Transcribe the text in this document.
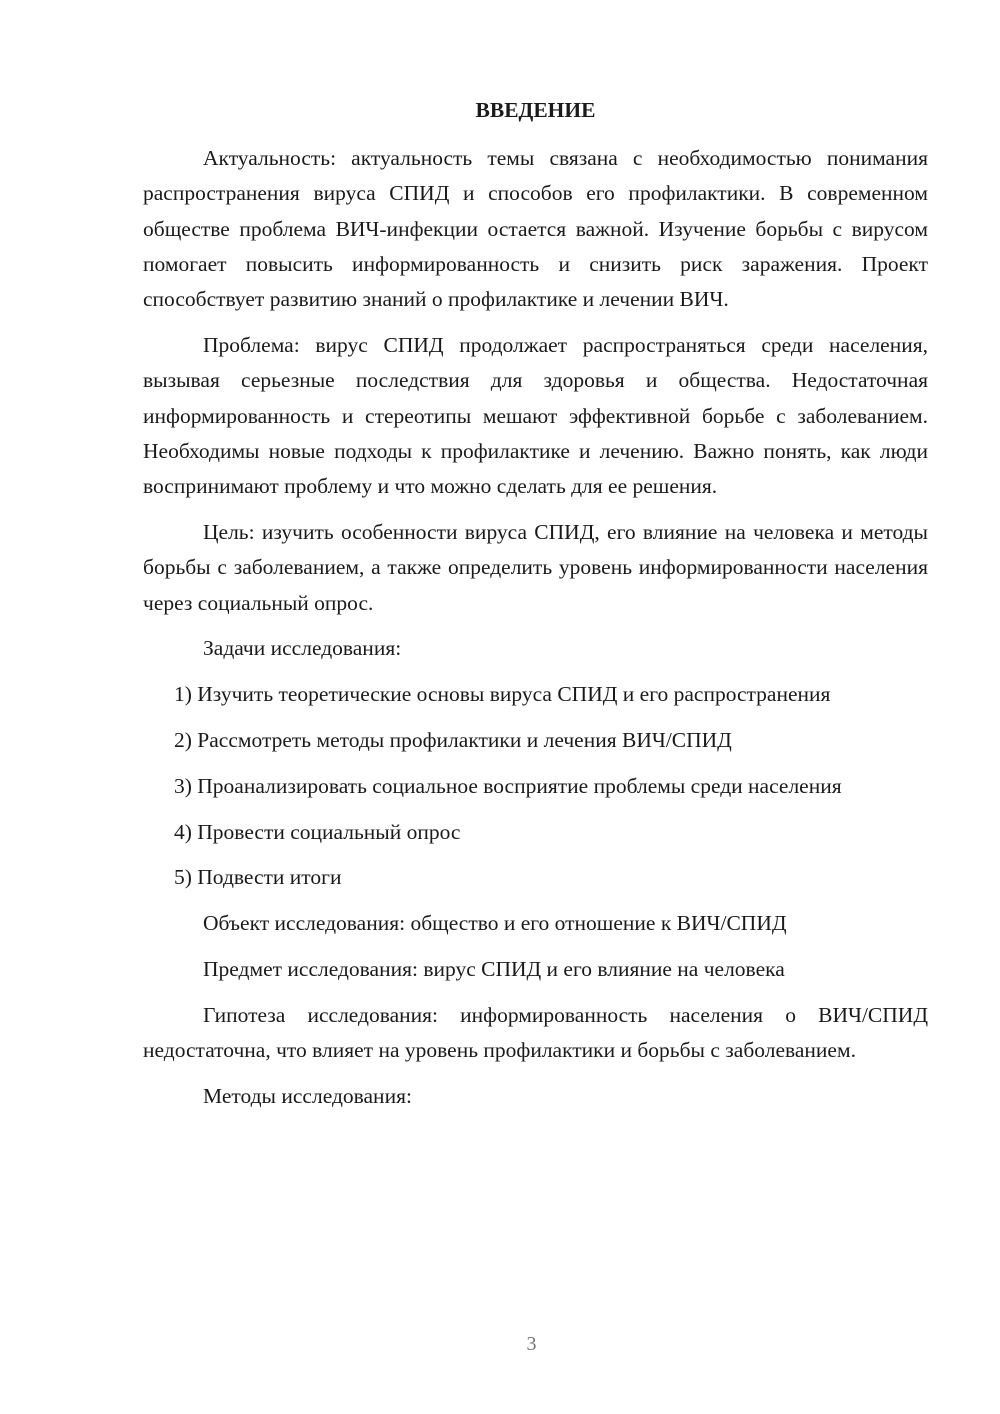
ВВЕДЕНИЕ

Актуальность: актуальность темы связана с необходимостью понимания распространения вируса СПИД и способов его профилактики. В современном обществе проблема ВИЧ-инфекции остается важной. Изучение борьбы с вирусом помогает повысить информированность и снизить риск заражения. Проект способствует развитию знаний о профилактике и лечении ВИЧ.

Проблема: вирус СПИД продолжает распространяться среди населения, вызывая серьезные последствия для здоровья и общества. Недостаточная информированность и стереотипы мешают эффективной борьбе с заболеванием. Необходимы новые подходы к профилактике и лечению. Важно понять, как люди воспринимают проблему и что можно сделать для ее решения.

Цель: изучить особенности вируса СПИД, его влияние на человека и методы борьбы с заболеванием, а также определить уровень информированности населения через социальный опрос.

Задачи исследования:

1) Изучить теоретические основы вируса СПИД и его распространения

2) Рассмотреть методы профилактики и лечения ВИЧ/СПИД

3) Проанализировать социальное восприятие проблемы среди населения

4) Провести социальный опрос

5) Подвести итоги

Объект исследования: общество и его отношение к ВИЧ/СПИД

Предмет исследования: вирус СПИД и его влияние на человека

Гипотеза исследования: информированность населения о ВИЧ/СПИД недостаточна, что влияет на уровень профилактики и борьбы с заболеванием.

Методы исследования:

3
